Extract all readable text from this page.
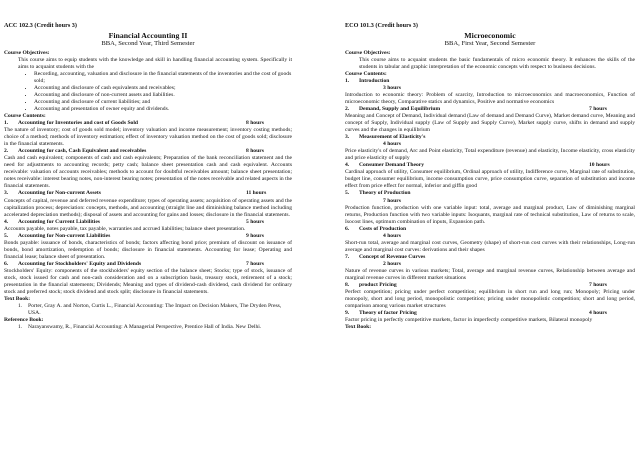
ACC 102.3 (Credit hours 3)
Financial Accounting II
BBA, Second Year, Third Semester
Course Objectives:
This course aims to equip students with the knowledge and skill in handling financial accounting system. Specifically it aims to acquaint students with the
• Recording, accounting, valuation and disclosure in the financial statements of the inventories and the cost of goods sold;
• Accounting and disclosure of cash equivalents and receivables;
• Accounting and disclosure of non-current assets and liabilities.
• Accounting and disclosure of current liabilities; and
• Accounting and presentation of owner equity and dividends.
Course Contents:
1.	Accounting for Inventories and cost of Goods Sold	8 hours
The nature of inventory; cost of goods sold model; inventory valuation and income measurement; inventory costing methods; choice of a method; methods of inventory estimation; effect of inventory valuation method on the cost of goods sold; disclosure in the financial statements.
2.	Accounting for cash, Cash Equivalent and receivables	8 hours
Cash and cash equivalent; components of cash and cash equivalents; Preparation of the bank reconciliation statement and the need for adjustments to accounting records; petty cash; balance sheet presentation cash and cash equivalent. Accounts receivable: valuation of accounts receivables; methods to account for doubtful receivables amount; balance sheet presentation; notes receivable: interest bearing notes, non-interest bearing notes; presentation of the notes receivable and related aspects in the financial statements.
3.	Accounting for Non-current Assets	11 hours
Concepts of capital, revenue and deferred revenue expenditure; types of operating assets; acquisition of operating assets and the capitalization process; depreciation: concepts, methods, and accounting (straight line and diminishing balance method including accelerated depreciation methods); disposal of assets and accounting for gains and losses; disclosure in the financial statements.
4.	Accounting for Current Liabilities	5 hours
Accounts payable, notes payable, tax payable, warranties and accrued liabilities; balance sheet presentation.
5.	Accounting for Non-current Liabilities	9 hours
Bonds payable: issuance of bonds, characteristics of bonds; factors affecting bond price; premium of discount on issuance of bonds, bond amortization, redemption of bonds; disclosure in financial statements. Accounting for lease; Operating and financial lease; balance sheet of presentation.
6.	Accounting for Stockholders' Equity and Dividends	7 hours
Stockholders' Equity: components of the stockholders' equity section of the balance sheet; Stocks; type of stock, issuance of stock, stock issued for cash and non-cash consideration and on a subscription basis, treasury stock, retirement of a stock; presentation in the financial statements; Dividends; Meaning and types of dividend-cash dividend, cash dividend for ordinary stock and preferred stock; stock dividend and stock split; disclosure in financial statements.
Text Book:
1.	Porter, Gray A. and Norton, Curtis L., Financial Accounting: The Impact on Decision Makers, The Dryden Press, USA.
Reference Book:
1.	Narayanswamy, R., Financial Accounting: A Managerial Perspective, Prentice Hall of India. New Delhi.
ECO 101.3 (Credit hours 3)
Microeconomic
BBA, First Year, Second Semester
Course Objectives:
This course aims to acquaint students the basic fundamentals of micro economic theory. It enhances the skills of the students in tabular and graphic interpretation of the economic concepts with respect to business decisions.
Course Contents:
1.	Introduction
3 hours
Introduction to economic theory: Problem of scarcity, Introduction to microeconomics and macroeconomics, Function of microeconomic theory, Comparative statics and dynamics, Positive and normative economics
2.	Demand, Supply and Equilibrium	7 hours
Meaning and Concept of Demand, Individual demand (Law of demand and Demand Curve), Market demand curve, Meaning and concept of Supply, Individual supply (Law of Supply and Supply Curve), Market supply curve, shifts in demand and supply curves and the changes in equilibrium
3.	Measurement of Elasticity's
4 hours
Price elasticity's of demand, Arc and Point elasticity, Total expenditure (revenue) and elasticity, Income elasticity, cross elasticity and price elasticity of supply
4.	Consumer Demand Theory	10 hours
Cardinal approach of utility, Consumer equilibrium, Ordinal approach of utility, Indifference curve, Marginal rate of substitution, budget line, consumer equilibrium, income consumption curve, price consumption curve, separation of substitution and income effect from price effect for normal, inferior and giffin good
5.	Theory of Production
7 hours
Production function, production with one variable input: total, average and marginal product, Law of diminishing marginal returns, Production function with two variable inputs: Isoquants, marginal rate of technical substitution, Law of returns to scale, Isocost lines, optimum combination of inputs, Expansion path.
6.	Costs of Production
4 hours
Short-run total, average and marginal cost curves, Geometry (shape) of short-run cost curves with their relationships, Long-run average and marginal cost curves: derivations and their shapes
7.	Concept of Revenue Curves
2 hours
Nature of revenue curves in various markets; Total, average and marginal revenue curves, Relationship between average and marginal revenue curves in different market situations
8.	product Pricing	7 hours
Perfect competition; pricing under perfect competition; equilibrium in short run and long run; Monopoly; Pricing under monopoly, short and long period, monopolistic competition; pricing under monopolistic competition; short and long period, comparison among various market structures
9.	Theory of factor Pricing	4 hours
Factor pricing in perfectly competitive markets, factor in imperfectly competitive markets, Bilateral monopoly
Text Book:
